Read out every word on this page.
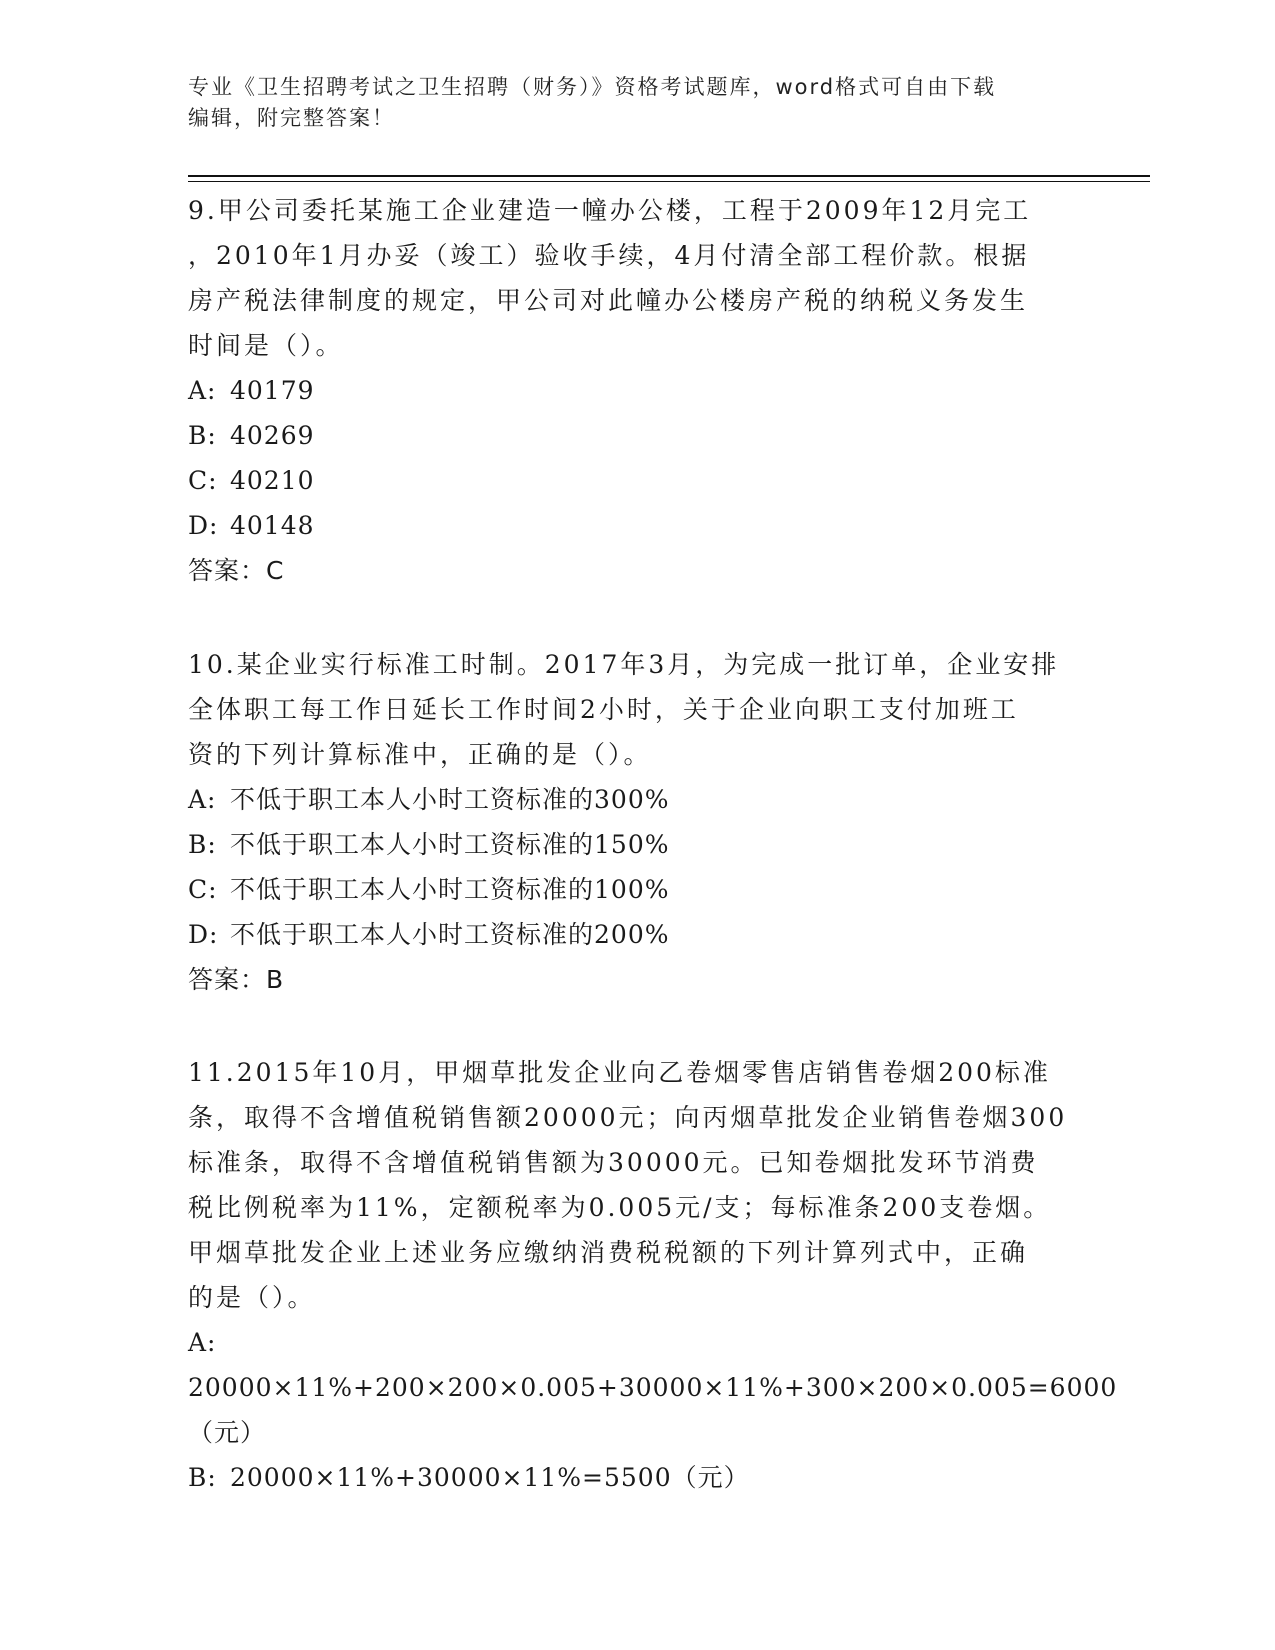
专业《卫生招聘考试之卫生招聘（财务）》资格考试题库，word格式可自由下载
编辑，附完整答案！

9.甲公司委托某施工企业建造一幢办公楼，工程于2009年12月完工

，2010年1月办妥（竣工）验收手续，4月付清全部工程价款。根据

房产税法律制度的规定，甲公司对此幢办公楼房产税的纳税义务发生

时间是（）。

A: 40179

B: 40269

C: 40210

D: 40148

答案：C

10.某企业实行标准工时制。2017年3月，为完成一批订单，企业安排

全体职工每工作日延长工作时间2小时，关于企业向职工支付加班工

资的下列计算标准中，正确的是（）。

A: 不低于职工本人小时工资标准的300%

B: 不低于职工本人小时工资标准的150%

C: 不低于职工本人小时工资标准的100%

D: 不低于职工本人小时工资标准的200%

答案：B

11.2015年10月，甲烟草批发企业向乙卷烟零售店销售卷烟200标准

条，取得不含增值税销售额20000元；向丙烟草批发企业销售卷烟300

标准条，取得不含增值税销售额为30000元。已知卷烟批发环节消费

税比例税率为11%，定额税率为0.005元/支；每标准条200支卷烟。

甲烟草批发企业上述业务应缴纳消费税税额的下列计算列式中，正确

的是（）。

A:20000×11%+200×200×0.005+30000×11%+300×200×0.005=6000

（元）

B: 20000×11%+30000×11%=5500（元）
